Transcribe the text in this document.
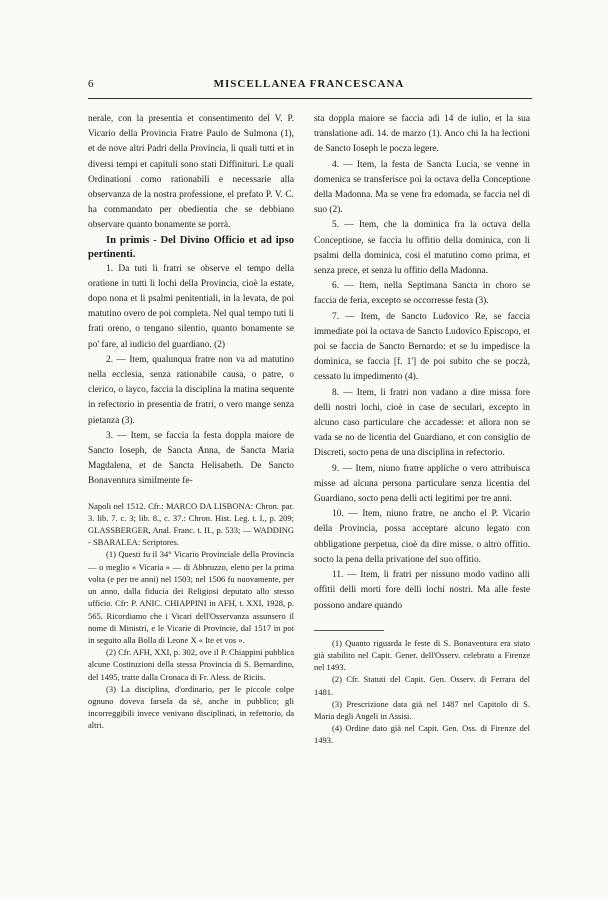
6	MISCELLANEA FRANCESCANA

nerale, con la presentia et consentimento del V. P. Vicario della Provincia Fratre Paulo de Sulmona (1), et de nove altri Padri della Provincia, li quali tutti et in diversi tempi et capituli sono stati Diffinituri. Le quali Ordinationi como rationabili e necessarie alla observanza de la nostra professione, el prefato P. V. C. ha commandato per obedientia che se debbiano observare quanto bonamente se porrà.

In primis - Del Divino Officio et ad ipso pertinenti.

1. Da tuti li fratri se observe el tempo della oratione in tutti li lochi della Provincia, cioè la estate, dopo nona et li psalmi penitentiali, in la levata, de poi matutino overo de poi completa. Nel qual tempo tuti li frati oreno, o tengano silentio, quanto bonamente se po' fare, al iudicio del guardiano. (2)

2. — Item, qualunqua fratre non va ad matutino nella ecclesia, senza rationabile causa, o patre, o clerico, o layco, faccia la disciplina la matina sequente in refectorio in presentia de fratri, o vero mange senza pietanza (3).

3. — Item, se faccia la festa doppla maiore de Sancto Ioseph, de Sancta Anna, de Sancta Maria Magdalena, et de Sancta Helisabeth. De Sancto Bonaventura similmente fe-

Napoli nel 1512. Cfr.: MARCO DA LISBONA: Chron. par. 3. lib. 7. c. 3; lib. 8., c. 37.: Chron. Hist. Leg. t. I., p. 209; GLASSBERGER, Anal. Franc. t. II., p. 533; — WADDING - SBARALEA: Scriptores.

(1) Questi fu il 34° Vicario Provinciale della Provincia — o meglio « Vicaria » — di Abbruzzo, eletto per la prima volta (e per tre anni) nel 1503; nel 1506 fu nuovamente, per un anno, dalla fiducia dei Religiosi deputato allo stesso ufficio. Cfr: P. ANIC. CHIAPPINI in AFH, t. XXI, 1928, p. 565. Ricordiamo che i Vicari dell'Osservanza assunsero il nome di Ministri, e le Vicarie di Provincie, dal 1517 in poi in seguito alla Bolla di Leone X « Ite et vos ».

(2) Cfr. AFH, XXI, p. 302, ove il P. Chiappini pubblica alcune Costituzioni della stessa Provincia di S. Bernardino, del 1495, tratte dalla Cronaca di Fr. Aless. de Riciis.

(3) La disciplina, d'ordinario, per le piccole colpe ognuno doveva farsela da sè, anche in pubblico; gli incorreggibili invece venivano disciplinati, in refettorio, da altri.

sta doppla maiore se faccia adì 14 de iulio, et la sua translatione adì. 14. de marzo (1). Anco chi la ha lectioni de Sancto Ioseph le pocza legere.

4. — Item, la festa de Sancta Lucia, se venne in domenica se transferisce poi la octava della Conceptione della Madonna. Ma se vene fra edomada, se faccia nel dì suo (2).

5. — Item, che la dominica fra la octava della Conceptione, se faccia lu offitio della dominica, con li psalmi della dominica, cosi el matutino como prima, et senza prece, et senza lu offitio della Madonna.

6. — Item, nella Septimana Sancta in choro se faccia de feria, excepto se occorresse festa (3).

7. — Item, de Sancto Ludovico Re, se faccia immediate poi la octava de Sancto Ludovico Episcopo, et poi se faccia de Sancto Bernardo: et se lu impedisce la dominica, se faccia [f. 1'] de poi subito che se poczà, cessato lu impedimento (4).

8. — Item, li fratri non vadano a dire missa fore delli nostri lochi, cioè in case de seculari, excepto in alcuno caso particulare che accadesse: et allora non se vada se no de licentia del Guardiano, et con consiglio de Discreti, socto pena de una disciplina in refectorio.

9. — Item, niuno fratre applíche o vero attribuisca misse ad alcuna persona particulare senza licentia del Guardiano, socto pena delli acti legitimi per tre anni.

10. — Item, niuno fratre, ne ancho el P. Vicario della Provincia, possa acceptare alcuno legato con obbligatione perpetua, cioè da dire misse. o altro offitio. socto la pena della privatione del suo offitio.

11. — Item, li fratri per nissuno modo vadino alli offitii delli morti fore delli lochi nostri. Ma alle feste possono andare quando

(1) Quanto riguarda le feste di S. Bonaventura era stato già stabilito nel Capit. Gener. dell'Osserv. celebrato a Firenze nel 1493.

(2) Cfr. Statuti del Capit. Gen. Osserv. di Ferrara del 1481.

(3) Prescrizione data già nel 1487 nel Capitolo di S. Maria degli Angeli in Assisi.

(4) Ordine dato già nel Capit. Gen. Oss. di Firenze del 1493.
